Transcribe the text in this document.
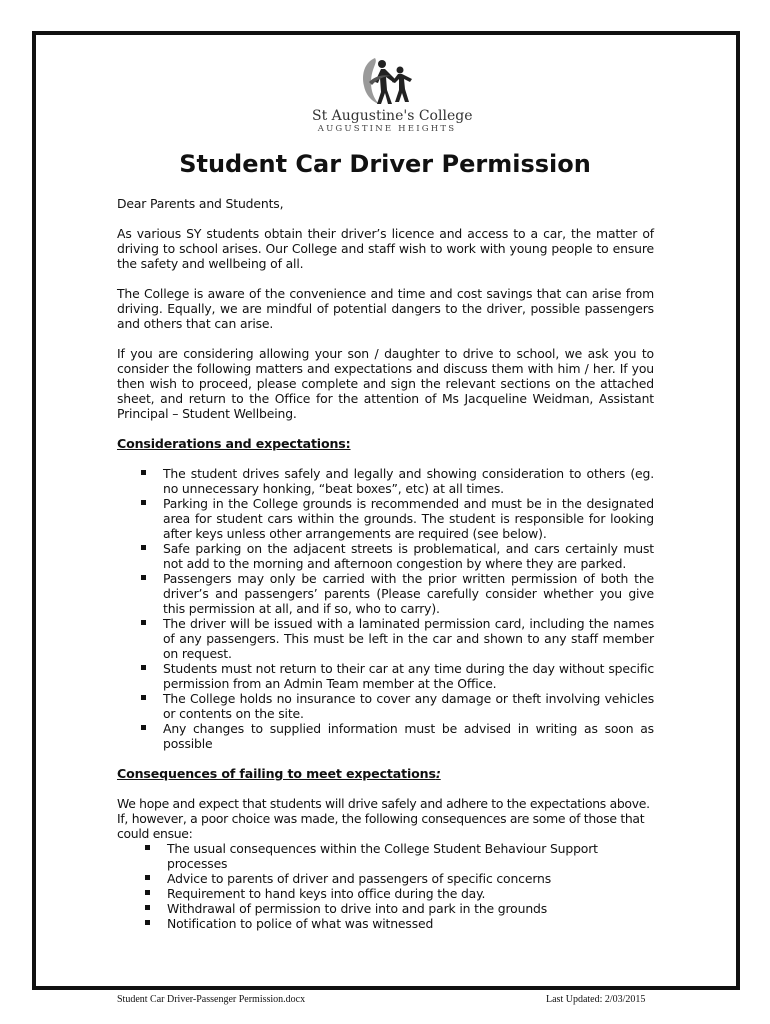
St Augustine's College
AUGUSTINE HEIGHTS
Student Car Driver Permission

Dear Parents and Students,

As various SY students obtain their driver’s licence and access to a car, the matter of driving to school arises. Our College and staff wish to work with young people to ensure the safety and wellbeing of all.

The College is aware of the convenience and time and cost savings that can arise from driving. Equally, we are mindful of potential dangers to the driver, possible passengers and others that can arise.

If you are considering allowing your son / daughter to drive to school, we ask you to consider the following matters and expectations and discuss them with him / her. If you then wish to proceed, please complete and sign the relevant sections on the attached sheet, and return to the Office for the attention of Ms Jacqueline Weidman, Assistant Principal – Student Wellbeing.

Considerations and expectations:
The student drives safely and legally and showing consideration to others (eg. no unnecessary honking, “beat boxes”, etc) at all times.
Parking in the College grounds is recommended and must be in the designated area for student cars within the grounds. The student is responsible for looking after keys unless other arrangements are required (see below).
Safe parking on the adjacent streets is problematical, and cars certainly must not add to the morning and afternoon congestion by where they are parked.
Passengers may only be carried with the prior written permission of both the driver’s and passengers’ parents (Please carefully consider whether you give this permission at all, and if so, who to carry).
The driver will be issued with a laminated permission card, including the names of any passengers. This must be left in the car and shown to any staff member on request.
Students must not return to their car at any time during the day without specific permission from an Admin Team member at the Office.
The College holds no insurance to cover any damage or theft involving vehicles or contents on the site.
Any changes to supplied information must be advised in writing as soon as possible
Consequences of failing to meet expectations:

We hope and expect that students will drive safely and adhere to the expectations above. If, however, a poor choice was made, the following consequences are some of those that could ensue:

The usual consequences within the College Student Behaviour Support processes
Advice to parents of driver and passengers of specific concerns
Requirement to hand keys into office during the day.
Withdrawal of permission to drive into and park in the grounds
Notification to police of what was witnessed
Student Car Driver-Passenger Permission.docx	Last Updated: 2/03/2015
